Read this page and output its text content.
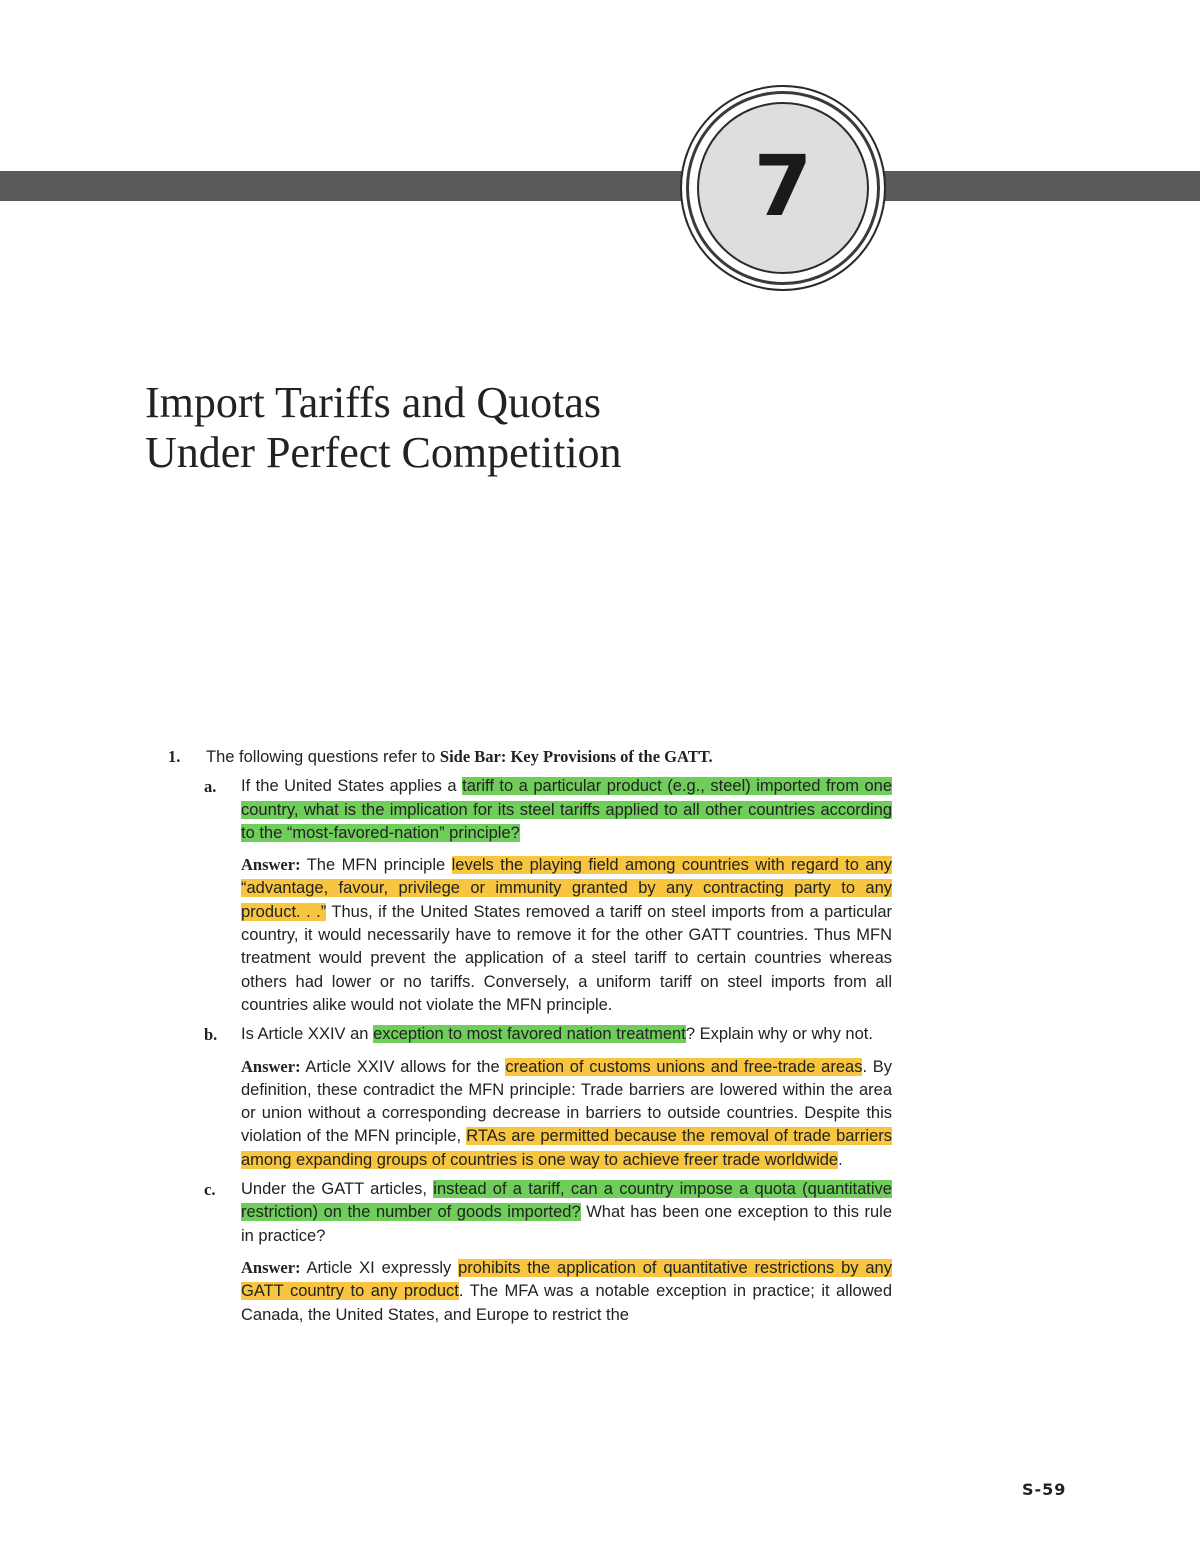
7
Import Tariffs and Quotas
Under Perfect Competition
1. The following questions refer to Side Bar: Key Provisions of the GATT.
a. If the United States applies a tariff to a particular product (e.g., steel) imported from one country, what is the implication for its steel tariffs applied to all other countries according to the “most-favored-nation” principle?
Answer: The MFN principle levels the playing field among countries with regard to any “advantage, favour, privilege or immunity granted by any contracting party to any product. . .” Thus, if the United States removed a tariff on steel imports from a particular country, it would necessarily have to remove it for the other GATT countries. Thus MFN treatment would prevent the application of a steel tariff to certain countries whereas others had lower or no tariffs. Conversely, a uniform tariff on steel imports from all countries alike would not violate the MFN principle.
b. Is Article XXIV an exception to most favored nation treatment? Explain why or why not.
Answer: Article XXIV allows for the creation of customs unions and free-trade areas. By definition, these contradict the MFN principle: Trade barriers are lowered within the area or union without a corresponding decrease in barriers to outside countries. Despite this violation of the MFN principle, RTAs are permitted because the removal of trade barriers among expanding groups of countries is one way to achieve freer trade worldwide.
c. Under the GATT articles, instead of a tariff, can a country impose a quota (quantitative restriction) on the number of goods imported? What has been one exception to this rule in practice?
Answer: Article XI expressly prohibits the application of quantitative restrictions by any GATT country to any product. The MFA was a notable exception in practice; it allowed Canada, the United States, and Europe to restrict the
S-59
